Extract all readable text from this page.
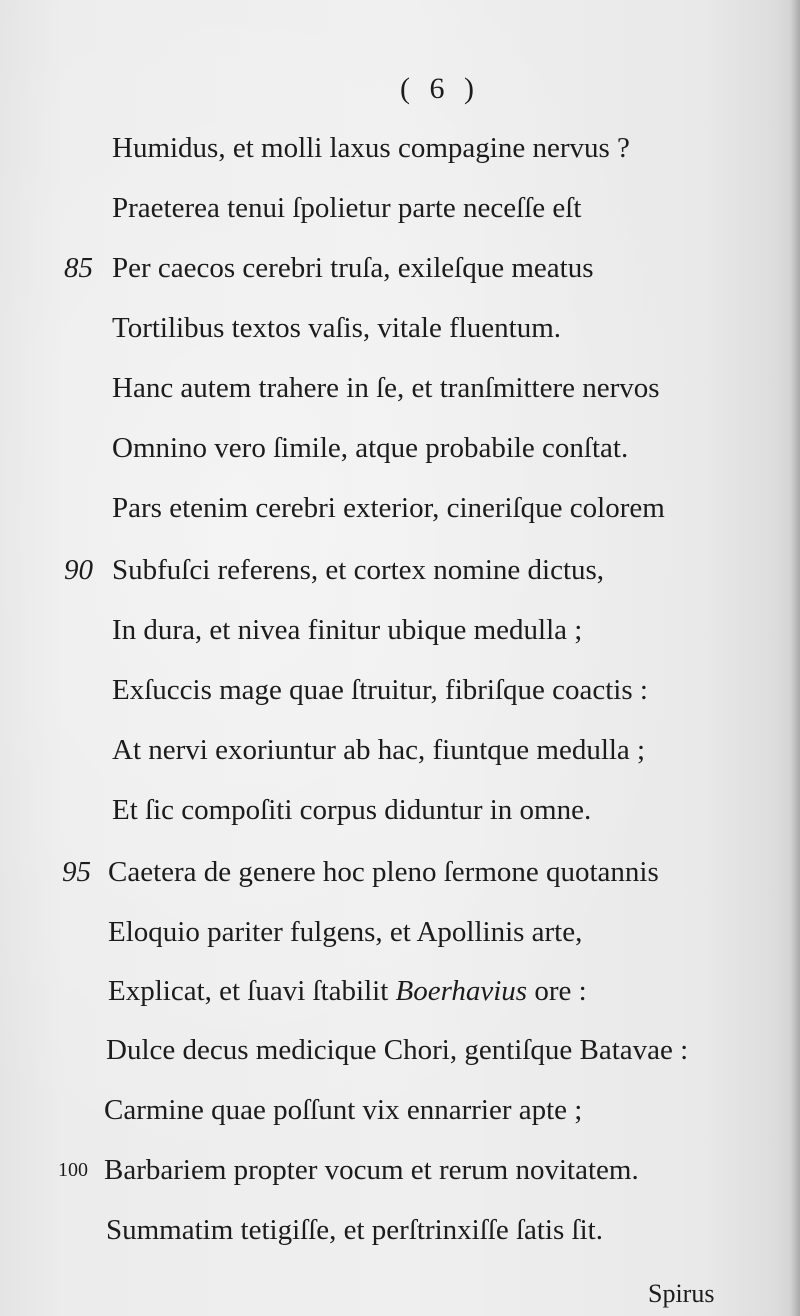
( 6 )
Humidus, et molli laxus compagine nervus ?
Praeterea tenui ſpolietur parte neceſſe eſt
85 Per caecos cerebri truſa, exileſque meatus
Tortilibus textos vaſis, vitale fluentum.
Hanc autem trahere in ſe, et tranſmittere nervos
Omnino vero ſimile, atque probabile conſtat.
Pars etenim cerebri exterior, cineriſque colorem
90 Subfuſci referens, et cortex nomine dictus,
In dura, et nivea finitur ubique medulla ;
Exſuccis mage quae ſtruitur, fibriſque coactis :
At nervi exoriuntur ab hac, fiuntque medulla ;
Et ſic compoſiti corpus diduntur in omne.
95 Caetera de genere hoc pleno ſermone quotannis
Eloquio pariter fulgens, et Apollinis arte,
Explicat, et ſuavi ſtabilit Boerhavius ore :
Dulce decus medicique Chori, gentiſque Batavae :
Carmine quae poſſunt vix ennarrier apte ;
100 Barbariem propter vocum et rerum novitatem.
Summatim tetigiſſe, et perſtrinxiſſe ſatis ſit.
Spirus
